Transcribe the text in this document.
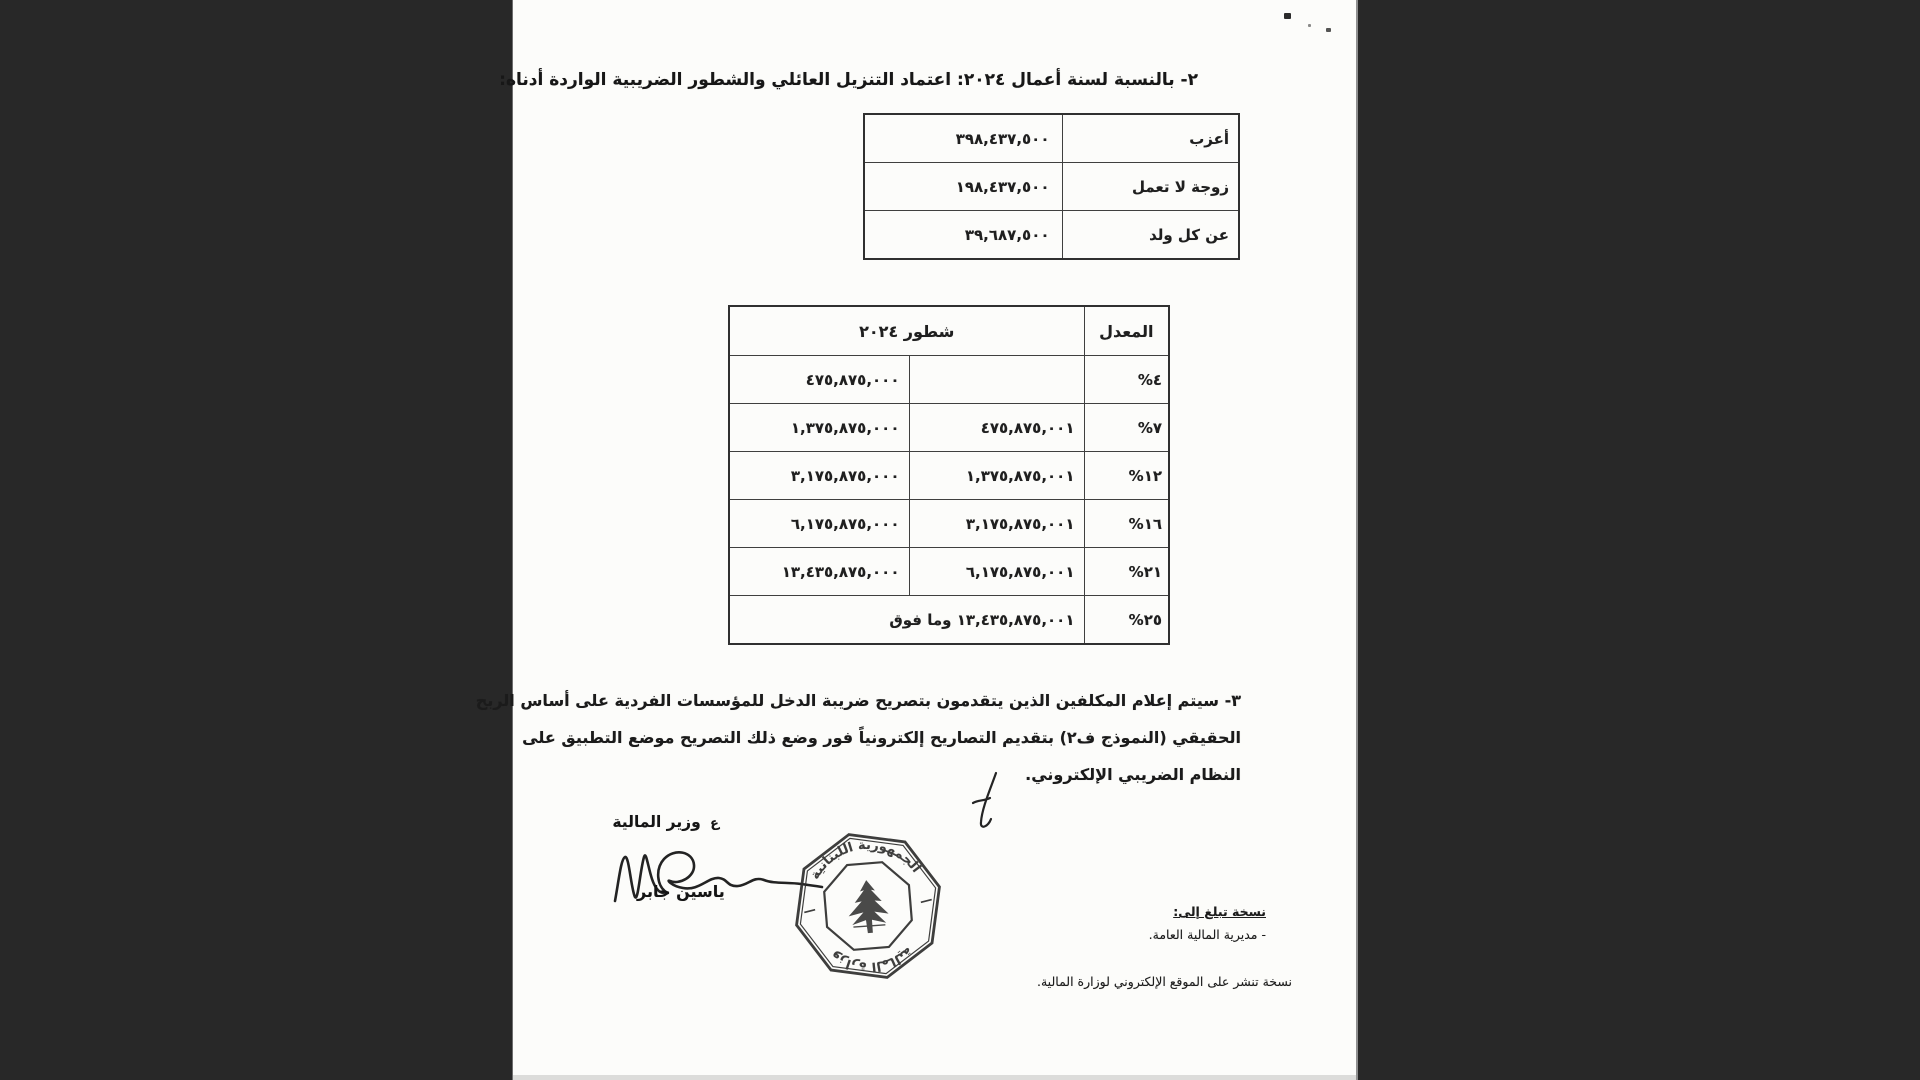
٢- بالنسبة لسنة أعمال ٢٠٢٤: اعتماد التنزيل العائلي والشطور الضريبية الواردة أدناه:
أعزب	٣٩٨,٤٣٧,٥٠٠
زوجة لا تعمل	١٩٨,٤٣٧,٥٠٠
عن كل ولد	٣٩,٦٨٧,٥٠٠
المعدل	شطور ٢٠٢٤	
%٤		٤٧٥,٨٧٥,٠٠٠
%٧	٤٧٥,٨٧٥,٠٠١	١,٣٧٥,٨٧٥,٠٠٠
%١٢	١,٣٧٥,٨٧٥,٠٠١	٣,١٧٥,٨٧٥,٠٠٠
%١٦	٣,١٧٥,٨٧٥,٠٠١	٦,١٧٥,٨٧٥,٠٠٠
%٢١	٦,١٧٥,٨٧٥,٠٠١	١٣,٤٣٥,٨٧٥,٠٠٠
%٢٥	١٣,٤٣٥,٨٧٥,٠٠١ وما فوق	
٣- سيتم إعلام المكلفين الذين يتقدمون بتصريح ضريبة الدخل للمؤسسات الفردية على أساس الربح
الحقيقي (النموذج ف٢) بتقديم التصاريح إلكترونياً فور وضع ذلك التصريح موضع التطبيق على
النظام الضريبي الإلكتروني.
ع وزير المالية
ياسين جابر
الجمهورية اللبنانية
وزارة المالية
نسخة تبلغ إلى:
- مديرية المالية العامة.
نسخة تنشر على الموقع الإلكتروني لوزارة المالية.
